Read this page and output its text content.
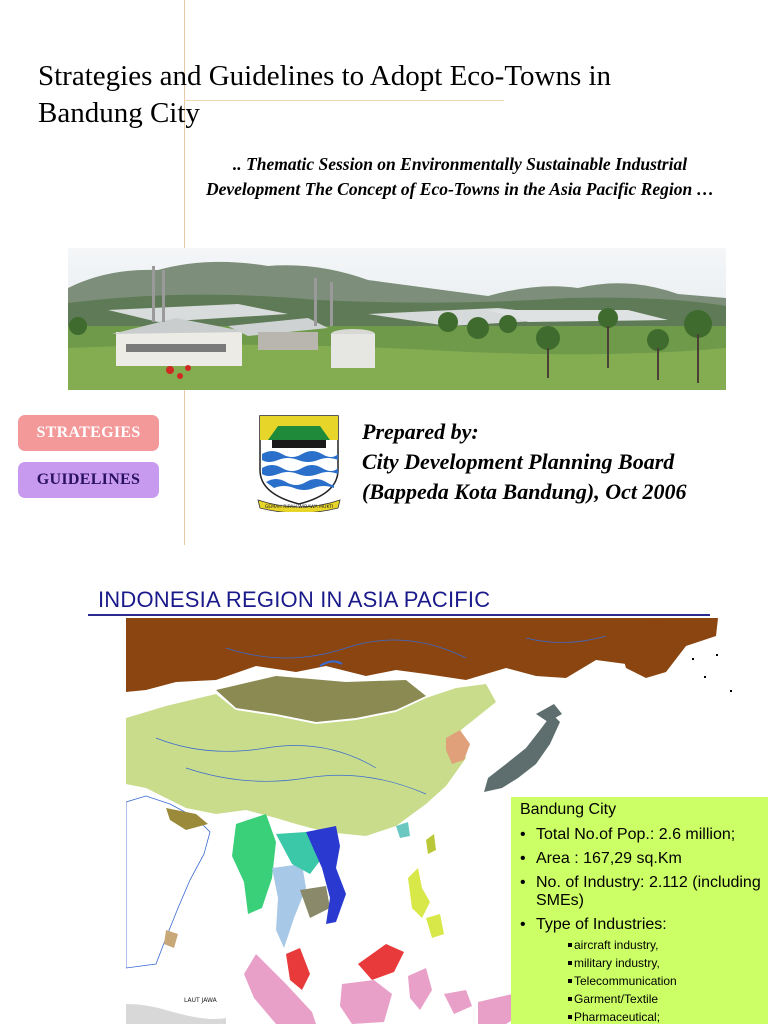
Strategies and Guidelines to Adopt Eco-Towns in Bandung City
.. Thematic Session on Environmentally Sustainable Industrial Development The Concept of Eco-Towns in the Asia Pacific Region …
STRATEGIES
GUIDELINES
GEMAH RIPAH WIBAWA MUKTI
Prepared by:
City Development Planning Board
(Bappeda Kota Bandung), Oct 2006
INDONESIA REGION IN ASIA PACIFIC
LAUT JAWA
Bandung City
• Total No.of Pop.: 2.6 million;
• Area : 167,29 sq.Km
• No. of Industry: 2.112 (including SMEs)
• Type of Industries:
aircraft industry,
military industry,
Telecommunication
Garment/Textile
Pharmaceutical;
